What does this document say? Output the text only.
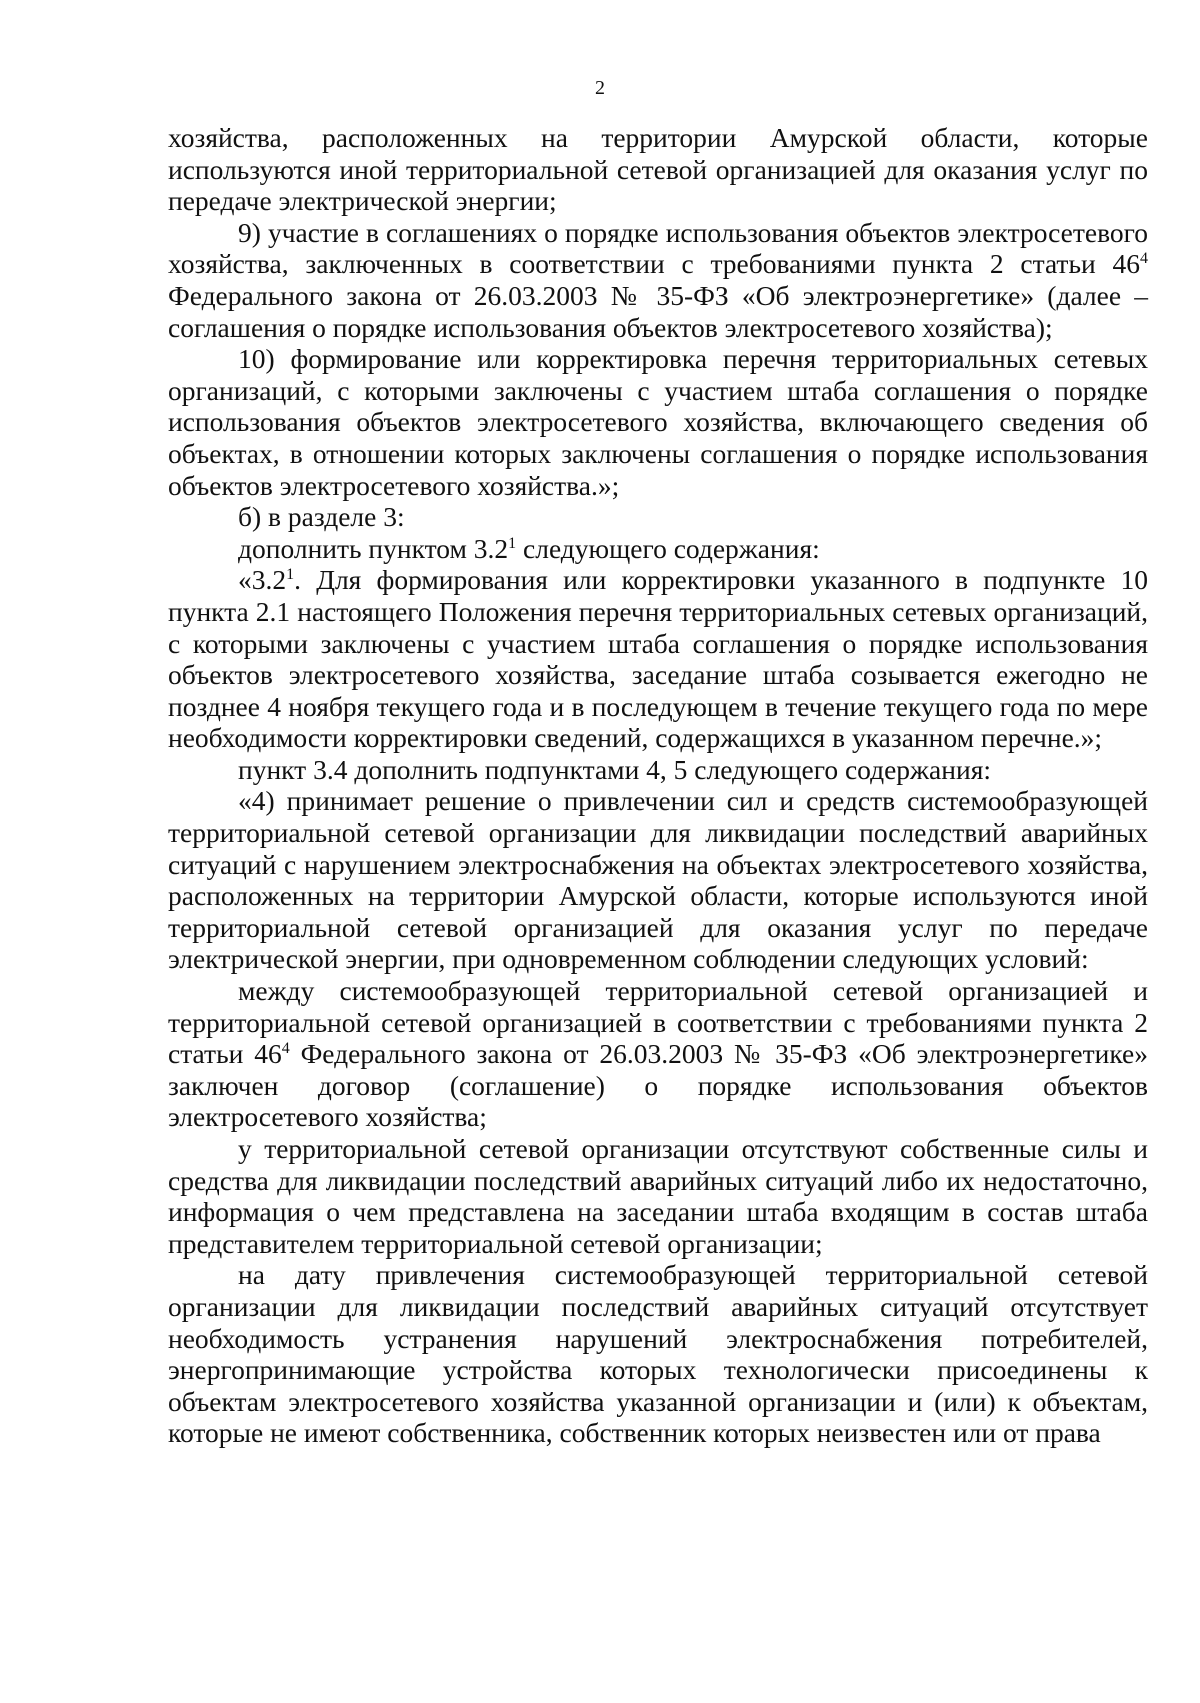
2

хозяйства, расположенных на территории Амурской области, которые используются иной территориальной сетевой организацией для оказания услуг по передаче электрической энергии;

9) участие в соглашениях о порядке использования объектов электросетевого хозяйства, заключенных в соответствии с требованиями пункта 2 статьи $46^4$ Федерального закона от 26.03.2003 № 35-ФЗ «Об электроэнергетике» (далее – соглашения о порядке использования объектов электросетевого хозяйства);

10) формирование или корректировка перечня территориальных сетевых организаций, с которыми заключены с участием штаба соглашения о порядке использования объектов электросетевого хозяйства, включающего сведения об объектах, в отношении которых заключены соглашения о порядке использования объектов электросетевого хозяйства.»;

б) в разделе 3:

дополнить пунктом $3.2^1$ следующего содержания:

«$3.2^1$. Для формирования или корректировки указанного в подпункте 10 пункта 2.1 настоящего Положения перечня территориальных сетевых организаций, с которыми заключены с участием штаба соглашения о порядке использования объектов электросетевого хозяйства, заседание штаба созывается ежегодно не позднее 4 ноября текущего года и в последующем в течение текущего года по мере необходимости корректировки сведений, содержащихся в указанном перечне.»;

пункт 3.4 дополнить подпунктами 4, 5 следующего содержания:

«4) принимает решение о привлечении сил и средств системообразующей территориальной сетевой организации для ликвидации последствий аварийных ситуаций с нарушением электроснабжения на объектах электросетевого хозяйства, расположенных на территории Амурской области, которые используются иной территориальной сетевой организацией для оказания услуг по передаче электрической энергии, при одновременном соблюдении следующих условий:

между системообразующей территориальной сетевой организацией и территориальной сетевой организацией в соответствии с требованиями пункта 2 статьи $46^4$ Федерального закона от 26.03.2003 № 35-ФЗ «Об электроэнергетике» заключен договор (соглашение) о порядке использования объектов электросетевого хозяйства;

у территориальной сетевой организации отсутствуют собственные силы и средства для ликвидации последствий аварийных ситуаций либо их недостаточно, информация о чем представлена на заседании штаба входящим в состав штаба представителем территориальной сетевой организации;

на дату привлечения системообразующей территориальной сетевой организации для ликвидации последствий аварийных ситуаций отсутствует необходимость устранения нарушений электроснабжения потребителей, энергопринимающие устройства которых технологически присоединены к объектам электросетевого хозяйства указанной организации и (или) к объектам, которые не имеют собственника, собственник которых неизвестен или от права
